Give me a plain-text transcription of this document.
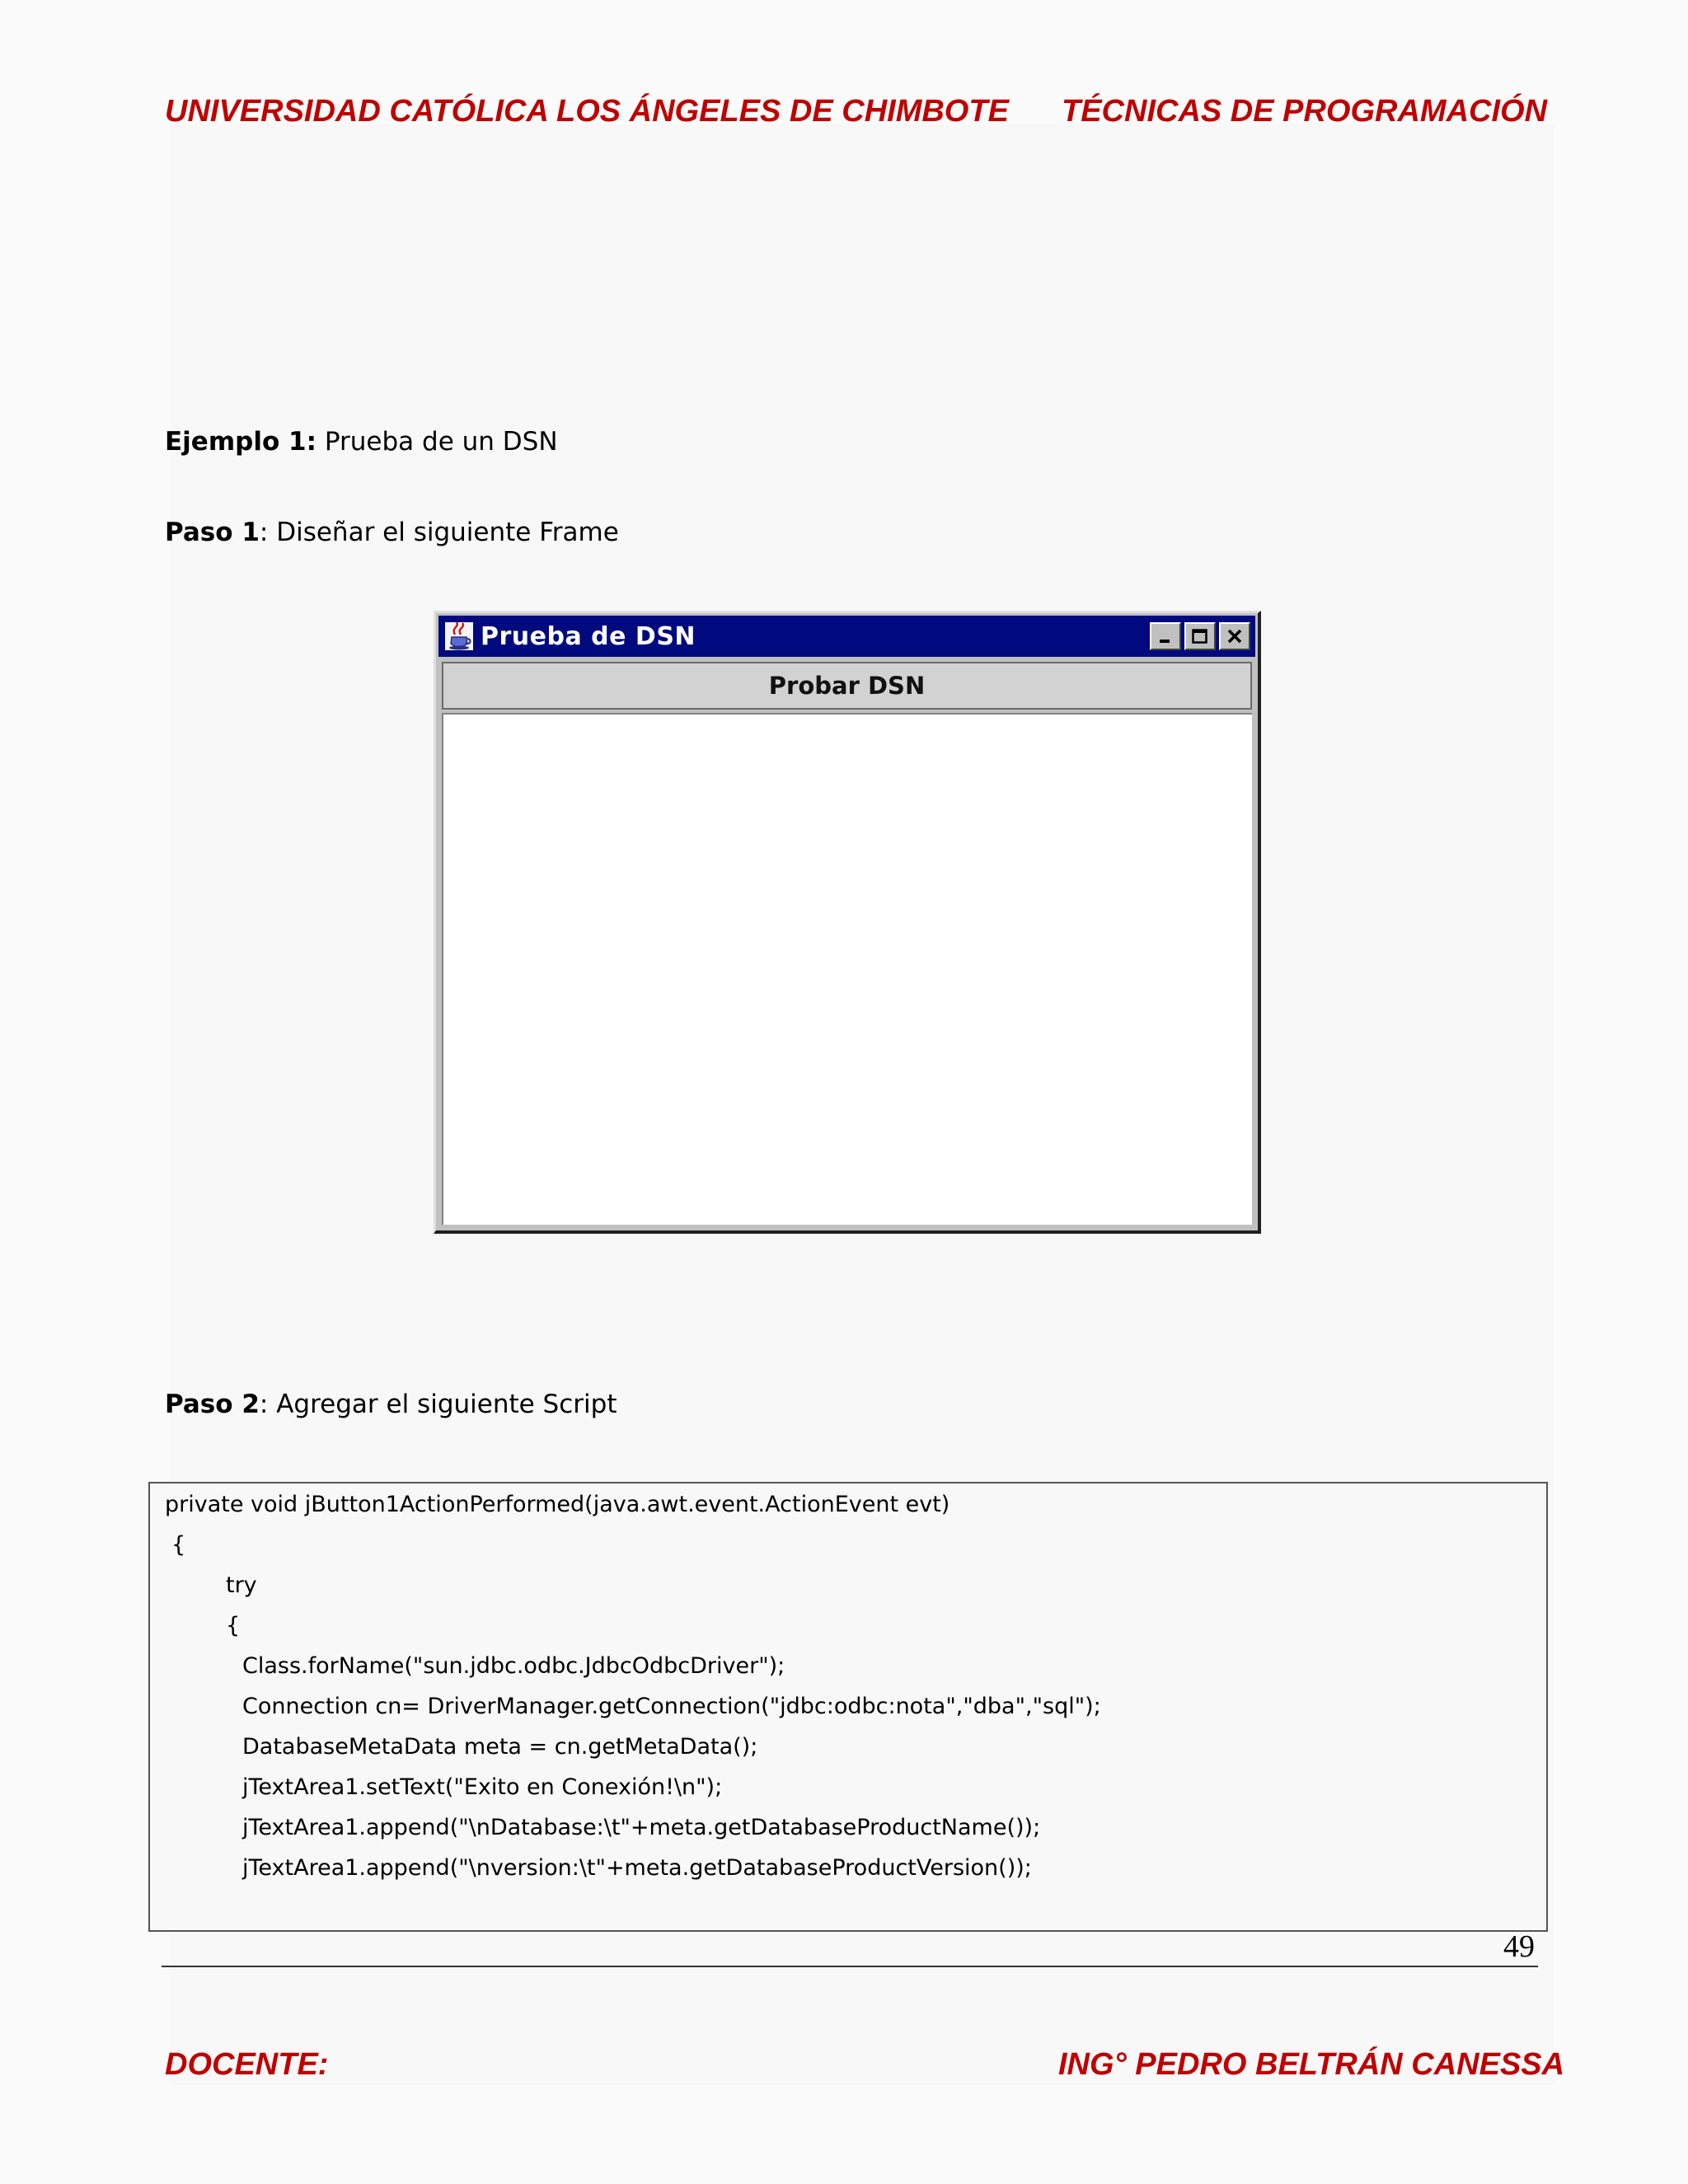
UNIVERSIDAD CATÓLICA LOS ÁNGELES DE CHIMBOTE TÉCNICAS DE PROGRAMACIÓN
Ejemplo 1: Prueba de un DSN
Paso 1: Diseñar el siguiente Frame
Prueba de DSN
Probar DSN
Paso 2: Agregar el siguiente Script
private void jButton1ActionPerformed(java.awt.event.ActionEvent evt)
{
try
{
Class.forName("sun.jdbc.odbc.JdbcOdbcDriver");
Connection cn= DriverManager.getConnection("jdbc:odbc:nota","dba","sql");
DatabaseMetaData meta = cn.getMetaData();
jTextArea1.setText("Exito en Conexión!\n");
jTextArea1.append("\nDatabase:\t"+meta.getDatabaseProductName());
jTextArea1.append("\nversion:\t"+meta.getDatabaseProductVersion());
49
DOCENTE:	ING° PEDRO BELTRÁN CANESSA
